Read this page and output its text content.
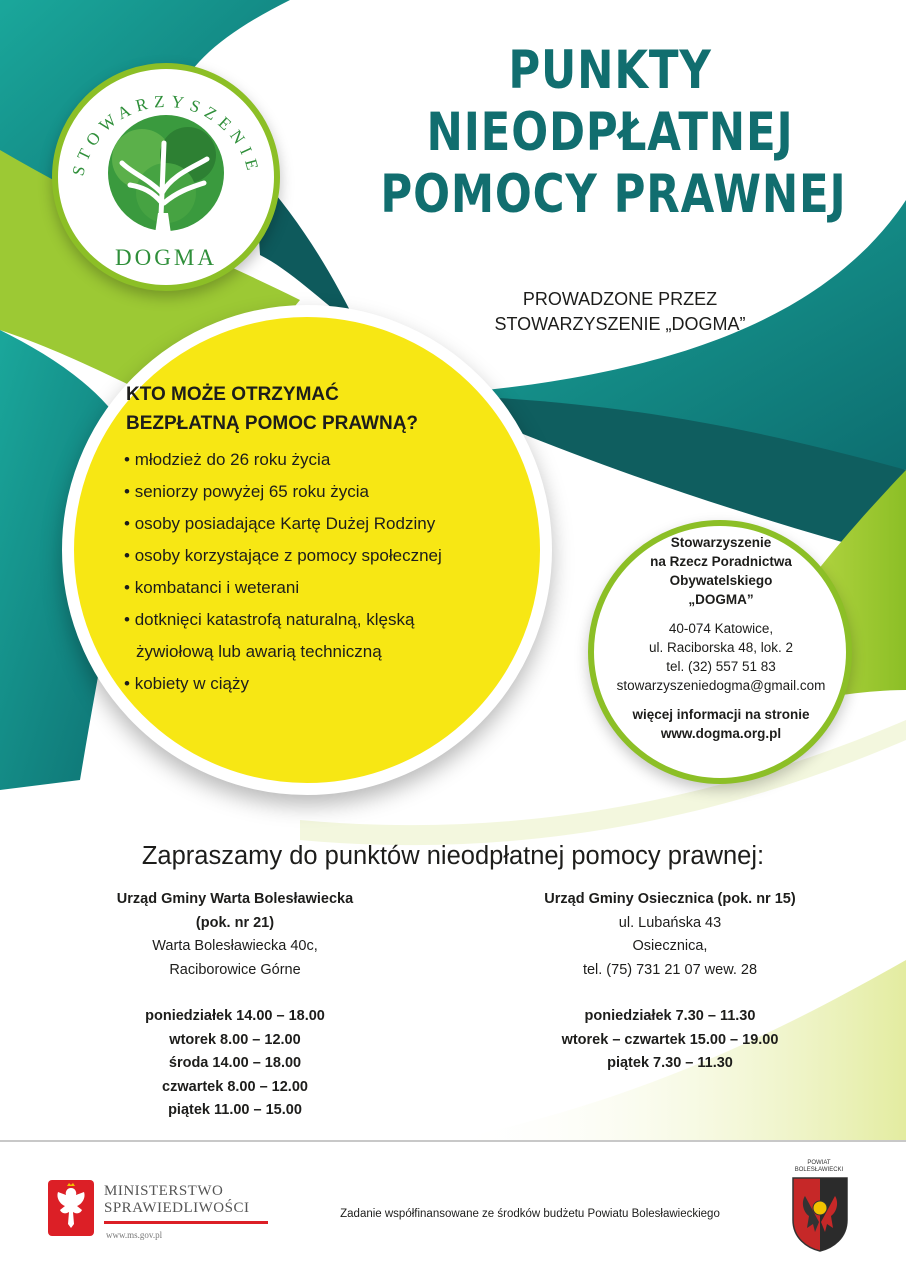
STOWARZYSZENIE
DOGMA
PUNKTY
NIEODPŁATNEJ
POMOCY PRAWNEJ
PROWADZONE PRZEZ
STOWARZYSZENIE „DOGMA”
KTO MOŻE OTRZYMAĆ
BEZPŁATNĄ POMOC PRAWNĄ?
• młodzież do 26 roku życia
• seniorzy powyżej 65 roku życia
• osoby posiadające Kartę Dużej Rodziny
• osoby korzystające z pomocy społecznej
• kombatanci i weterani
• dotknięci katastrofą naturalną, klęską
żywiołową lub awarią techniczną
• kobiety w ciąży
Stowarzyszenie
na Rzecz Poradnictwa
Obywatelskiego
„DOGMA”
40-074 Katowice,
ul. Raciborska 48, lok. 2
tel. (32) 557 51 83
stowarzyszeniedogma@gmail.com
więcej informacji na stronie
www.dogma.org.pl
Zapraszamy do punktów nieodpłatnej pomocy prawnej:
Urząd Gminy Warta Bolesławiecka
(pok. nr 21)
Warta Bolesławiecka 40c,
Raciborowice Górne
poniedziałek 14.00 – 18.00
wtorek 8.00 – 12.00
środa 14.00 – 18.00
czwartek 8.00 – 12.00
piątek 11.00 – 15.00
Urząd Gminy Osiecznica (pok. nr 15)
ul. Lubańska 43
Osiecznica,
tel. (75) 731 21 07 wew. 28
poniedziałek 7.30 – 11.30
wtorek – czwartek 15.00 – 19.00
piątek 7.30 – 11.30
MINISTERSTWO
SPRAWIEDLIWOŚCI
www.ms.gov.pl
Zadanie współfinansowane ze środków budżetu Powiatu Bolesławieckiego
POWIAT
BOLESŁAWIECKI
